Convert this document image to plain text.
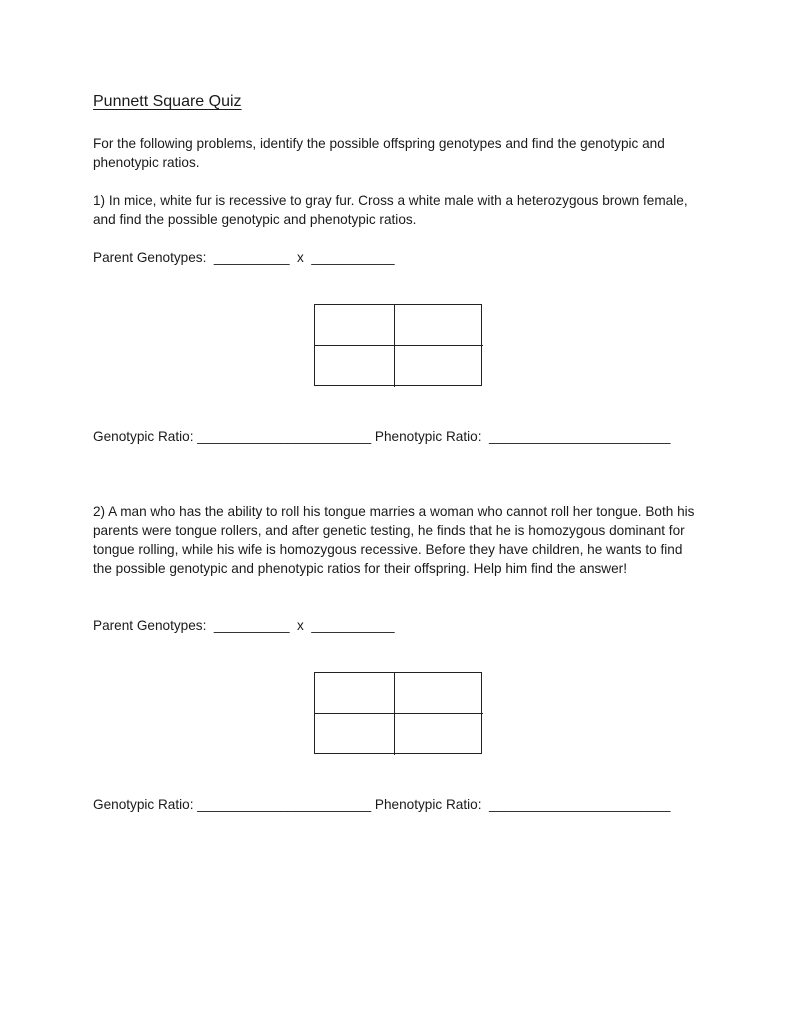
Punnett Square Quiz

For the following problems, identify the possible offspring genotypes and find the genotypic and phenotypic ratios.

1) In mice, white fur is recessive to gray fur. Cross a white male with a heterozygous brown female, and find the possible genotypic and phenotypic ratios.

Parent Genotypes:  __________  x  ___________

Genotypic Ratio: _______________________ Phenotypic Ratio:  ________________________

2) A man who has the ability to roll his tongue marries a woman who cannot roll her tongue. Both his parents were tongue rollers, and after genetic testing, he finds that he is homozygous dominant for tongue rolling, while his wife is homozygous recessive. Before they have children, he wants to find the possible genotypic and phenotypic ratios for their offspring. Help him find the answer!

Parent Genotypes:  __________  x  ___________

Genotypic Ratio: _______________________ Phenotypic Ratio:  ________________________
